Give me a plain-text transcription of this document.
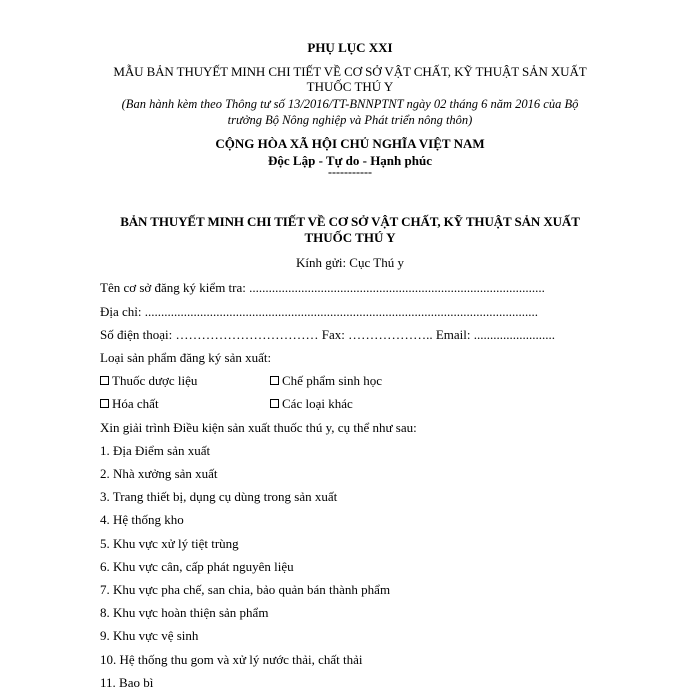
PHỤ LỤC XXI
MẪU BẢN THUYẾT MINH CHI TIẾT VỀ CƠ SỞ VẬT CHẤT, KỸ THUẬT SẢN XUẤT
THUỐC THÚ Y
(Ban hành kèm theo Thông tư số 13/2016/TT-BNNPTNT ngày 02 tháng 6 năm 2016 của Bộ
trưởng Bộ Nông nghiệp và Phát triển nông thôn)
CỘNG HÒA XÃ HỘI CHỦ NGHĨA VIỆT NAM
Độc Lập - Tự do - Hạnh phúc
-----------
BẢN THUYẾT MINH CHI TIẾT VỀ CƠ SỞ VẬT CHẤT, KỸ THUẬT SẢN XUẤT
THUỐC THÚ Y
Kính gửi: Cục Thú y
Tên cơ sở đăng ký kiểm tra: ...........................................................................................
Địa chỉ: .........................................................................................................................
Số điện thoại: …………………………… Fax: ……………….. Email: .........................
Loại sản phẩm đăng ký sản xuất:
Thuốc dược liệu	Chế phẩm sinh học
Hóa chất	Các loại khác
Xin giải trình Điều kiện sản xuất thuốc thú y, cụ thể như sau:
1. Địa Điểm sản xuất
2. Nhà xưởng sản xuất
3. Trang thiết bị, dụng cụ dùng trong sản xuất
4. Hệ thống kho
5. Khu vực xử lý tiệt trùng
6. Khu vực cân, cấp phát nguyên liệu
7. Khu vực pha chế, san chia, bảo quản bán thành phẩm
8. Khu vực hoàn thiện sản phẩm
9. Khu vực vệ sinh
10. Hệ thống thu gom và xử lý nước thải, chất thải
11. Bao bì
